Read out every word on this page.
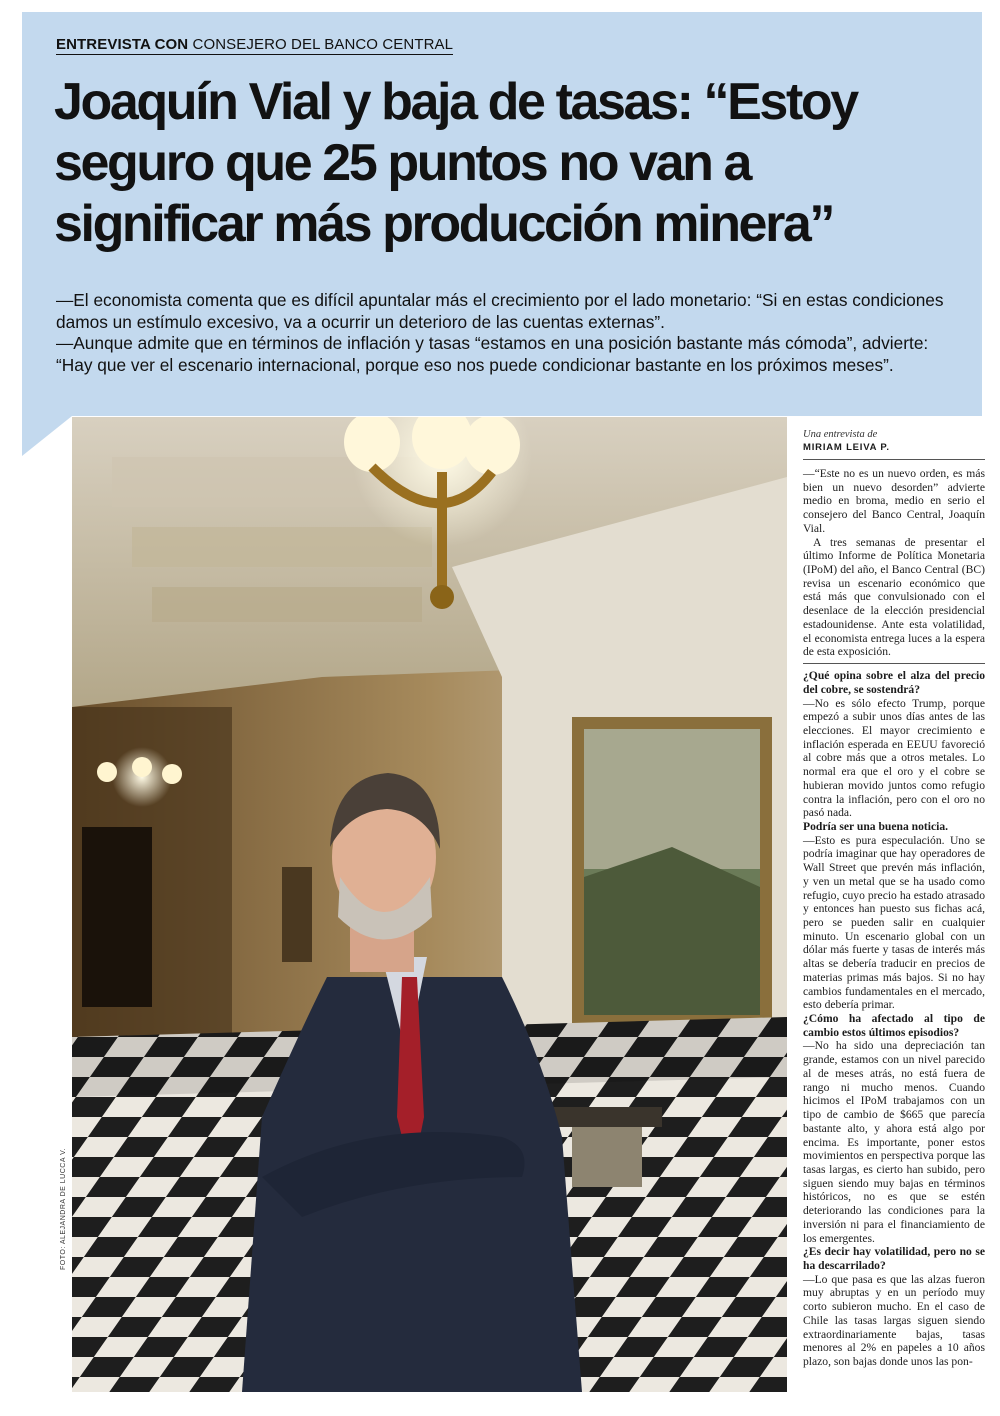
ENTREVISTA CON CONSEJERO DEL BANCO CENTRAL
Joaquín Vial y baja de tasas: “Estoy
seguro que 25 puntos no van a
significar más producción minera”

—El economista comenta que es difícil apuntalar más el crecimiento por el lado monetario: “Si en estas condiciones damos un estímulo excesivo, va a ocurrir un deterioro de las cuentas externas”.

—Aunque admite que en términos de inflación y tasas “estamos en una posición bastante más cómoda”, advierte: “Hay que ver el escenario internacional, porque eso nos puede condicionar bastante en los próximos meses”.

FOTO: ALEJANDRA DE LUCCA V.
Una entrevista de
MIRIAM LEIVA P.

—“Este no es un nuevo orden, es más bien un nuevo desorden” advierte medio en broma, medio en serio el consejero del Banco Central, Joaquín Vial.

A tres semanas de presentar el último Informe de Política Monetaria (IPoM) del año, el Banco Central (BC) revisa un escenario económico que está más que convulsionado con el desenlace de la elección presidencial estadounidense. Ante esta volatilidad, el economista entrega luces a la espera de esta exposición.

¿Qué opina sobre el alza del precio del cobre, se sostendrá?

—No es sólo efecto Trump, porque empezó a subir unos días antes de las elecciones. El mayor crecimiento e inflación esperada en EEUU favoreció al cobre más que a otros metales. Lo normal era que el oro y el cobre se hubieran movido juntos como refugio contra la inflación, pero con el oro no pasó nada.

Podría ser una buena noticia.

—Esto es pura especulación. Uno se podría imaginar que hay operadores de Wall Street que prevén más inflación, y ven un metal que se ha usado como refugio, cuyo precio ha estado atrasado y entonces han puesto sus fichas acá, pero se pueden salir en cualquier minuto. Un escenario global con un dólar más fuerte y tasas de interés más altas se debería traducir en precios de materias primas más bajos. Si no hay cambios fundamentales en el mercado, esto debería primar.

¿Cómo ha afectado al tipo de cambio estos últimos episodios?

—No ha sido una depreciación tan grande, estamos con un nivel parecido al de meses atrás, no está fuera de rango ni mucho menos. Cuando hicimos el IPoM trabajamos con un tipo de cambio de $665 que parecía bastante alto, y ahora está algo por encima. Es importante, poner estos movimientos en perspectiva porque las tasas largas, es cierto han subido, pero siguen siendo muy bajas en términos históricos, no es que se estén deteriorando las condiciones para la inversión ni para el financiamiento de los emergentes.

¿Es decir hay volatilidad, pero no se ha descarrilado?

—Lo que pasa es que las alzas fueron muy abruptas y en un período muy corto subieron mucho. En el caso de Chile las tasas largas siguen siendo extraordinariamente bajas, tasas menores al 2% en papeles a 10 años plazo, son bajas donde unos las pon-
